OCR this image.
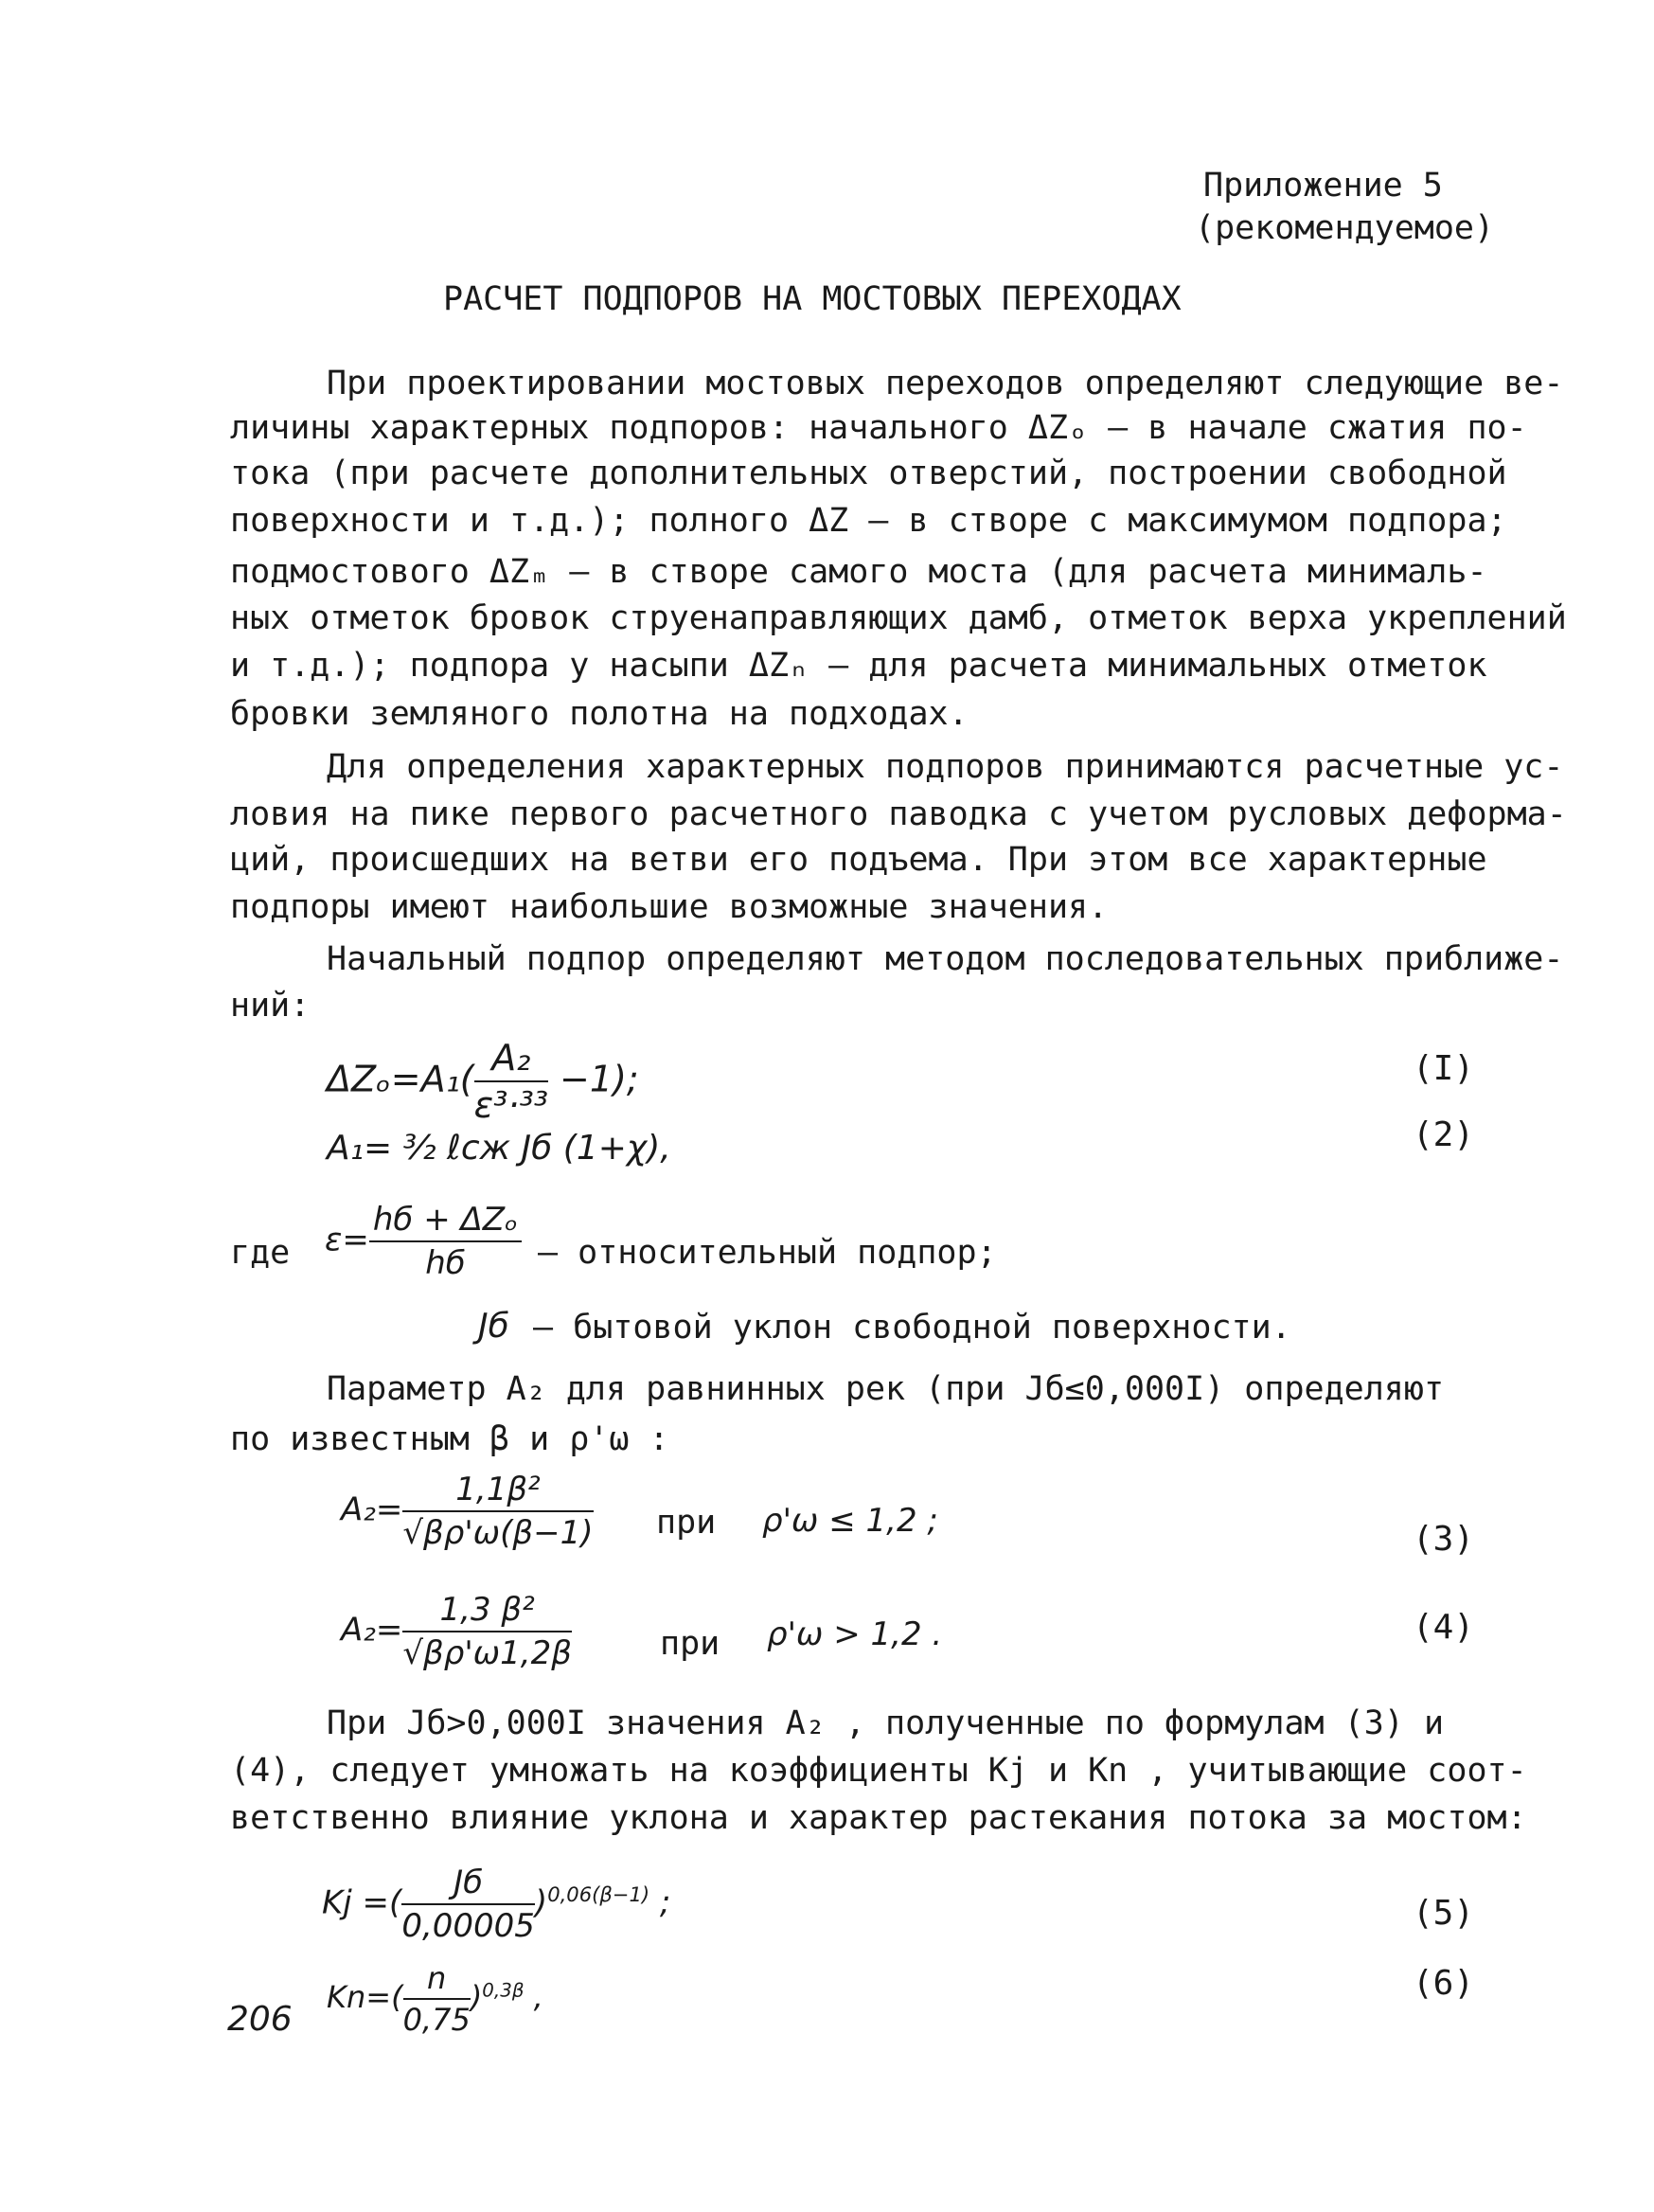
Приложение 5
(рекомендуемое)
РАСЧЕТ ПОДПОРОВ НА МОСТОВЫХ ПЕРЕХОДАХ
При проектировании мостовых переходов определяют следующие ве-
личины характерных подпоров: начального ΔZₒ – в начале сжатия по-
тока (при расчете дополнительных отверстий, построении свободной
поверхности и т.д.); полного ΔZ – в створе с максимумом подпора;
подмостового ΔZₘ – в створе самого моста (для расчета минималь-
ных отметок бровок струенаправляющих дамб, отметок верха укреплений
и т.д.); подпора у насыпи ΔZₙ – для расчета минимальных отметок
бровки земляного полотна на подходах.
Для определения характерных подпоров принимаются расчетные ус-
ловия на пике первого расчетного паводка с учетом русловых деформа-
ций, происшедших на ветви его подъема. При этом все характерные
подпоры имеют наибольшие возможные значения.
Начальный подпор определяют методом последовательных приближе-
ний:
$\Delta Z_o=A_1( \frac{\text{A₂}}{\text{ε³·³³}} -1)$;	(I)
A₁= ³⁄₂ ℓсж Jб (1+χ),	(2)
где $\varepsilon= \frac{\text{hб + ΔZₒ}}{hб}$ – относительный подпор;
Jб – бытовой уклон свободной поверхности.
Параметр A₂ для равнинных рек (при Jб≤0,000I) определяют
по известным β и ρ'ω :
$A_2= \frac{\text{1,1β²}}{√\beta\rho'\omega(\beta-1)}$ при ρ'ω ≤ 1,2 ;	(3)
$A_2= \frac{\text{1,3 β²}}{√\beta\rho'\omega 1,2\beta}$	при ρ'ω > 1,2 .	(4)
При Jб>0,000I значения A₂ , полученные по формулам (3) и
(4), следует умножать на коэффициенты Kj и Kn , учитывающие соот-
ветственно влияние уклона и характер растекания потока за мостом:
Kj =( $\frac{Jб}{0,00005} )^{0,06(\beta-1)}$ ;	(5)
$Kn=( \frac{n}{0,75} )^{0,3\beta}$ ,	(6)
206
